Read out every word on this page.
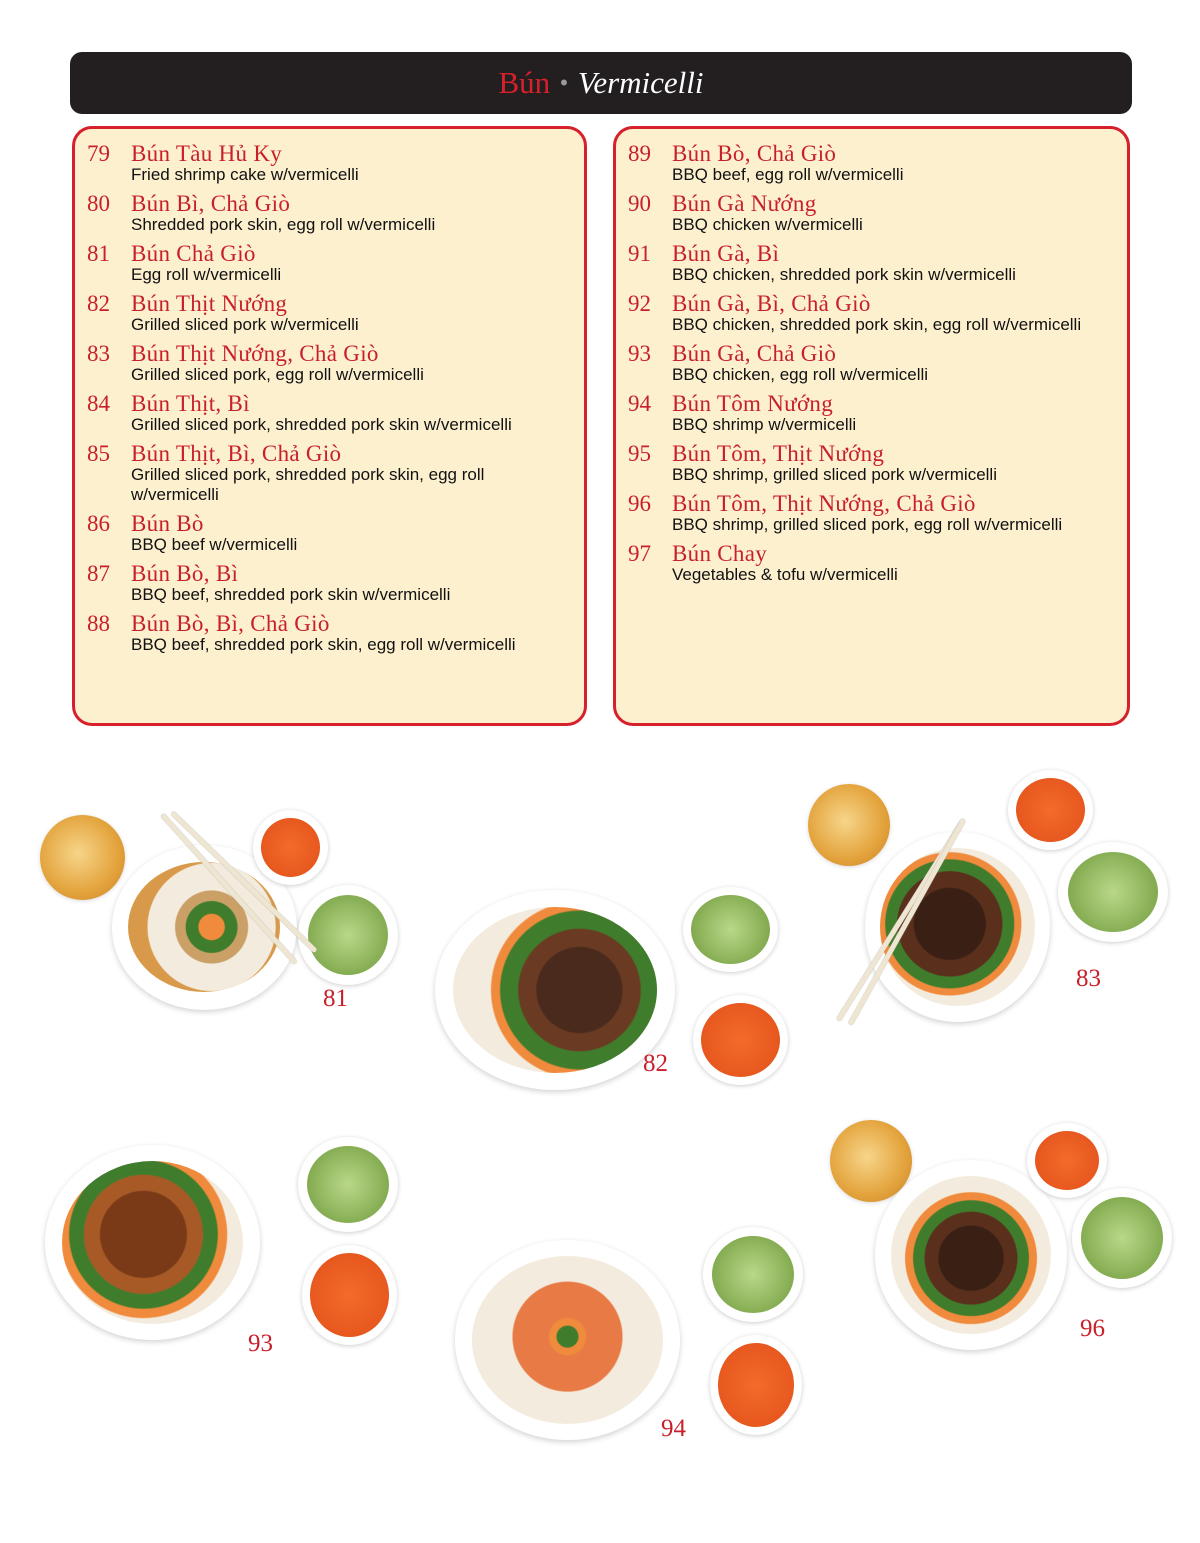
Bún • Vermicelli
79 Bún Tàu Hủ Ky
Fried shrimp cake w/vermicelli
80 Bún Bì, Chả Giò
Shredded pork skin, egg roll w/vermicelli
81 Bún Chả Giò
Egg roll w/vermicelli
82 Bún Thịt Nướng
Grilled sliced pork w/vermicelli
83 Bún Thịt Nướng, Chả Giò
Grilled sliced pork, egg roll w/vermicelli
84 Bún Thịt, Bì
Grilled sliced pork, shredded pork skin w/vermicelli
85 Bún Thịt, Bì, Chả Giò
Grilled sliced pork, shredded pork skin, egg roll w/vermicelli
86 Bún Bò
BBQ beef w/vermicelli
87 Bún Bò, Bì
BBQ beef, shredded pork skin w/vermicelli
88 Bún Bò, Bì, Chả Giò
BBQ beef, shredded pork skin, egg roll w/vermicelli
89 Bún Bò, Chả Giò
BBQ beef, egg roll w/vermicelli
90 Bún Gà Nướng
BBQ chicken w/vermicelli
91 Bún Gà, Bì
BBQ chicken, shredded pork skin w/vermicelli
92 Bún Gà, Bì, Chả Giò
BBQ chicken, shredded pork skin, egg roll w/vermicelli
93 Bún Gà, Chả Giò
BBQ chicken, egg roll w/vermicelli
94 Bún Tôm Nướng
BBQ shrimp w/vermicelli
95 Bún Tôm, Thịt Nướng
BBQ shrimp, grilled sliced pork w/vermicelli
96 Bún Tôm, Thịt Nướng, Chả Giò
BBQ shrimp, grilled sliced pork, egg roll w/vermicelli
97 Bún Chay
Vegetables & tofu w/vermicelli
81
82
83
93
94
96
